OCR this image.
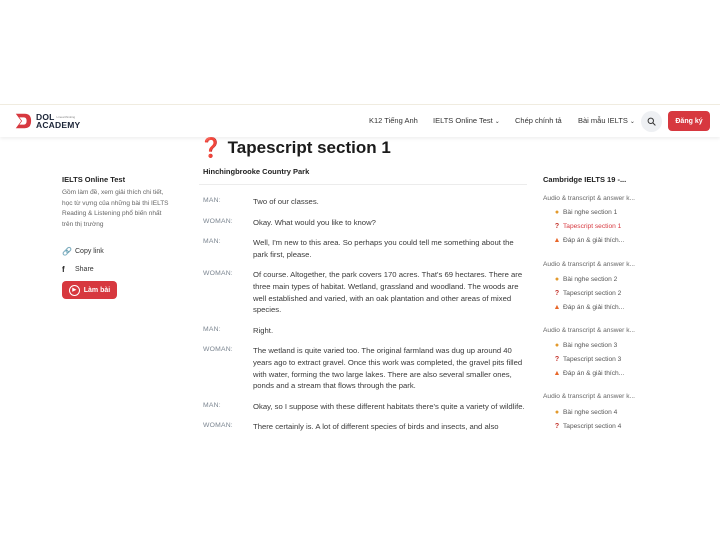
DOL $^{Linearthinking}$
ACADEMY	K12 Tiếng Anh IELTS Online Test ⌄ Chép chính tả Bài mẫu IELTS ⌄	Đăng ký
❓ Tapescript section 1
Hinchingbrooke Country Park
MAN:	Two of our classes.
WOMAN:	Okay. What would you like to know?
MAN:	Well, I'm new to this area. So perhaps you could tell me something about the park first, please.
WOMAN:	Of course. Altogether, the park covers 170 acres. That's 69 hectares. There are three main types of habitat. Wetland, grassland and woodland. The woods are well established and varied, with an oak plantation and other areas of mixed species.
MAN:	Right.
WOMAN:	The wetland is quite varied too. The original farmland was dug up around 40 years ago to extract gravel. Once this work was completed, the gravel pits filled with water, forming the two large lakes. There are also several smaller ones, ponds and a stream that flows through the park.
MAN:	Okay, so I suppose with these different habitats there's quite a variety of wildlife.
WOMAN:	There certainly is. A lot of different species of birds and insects, and also
IELTS Online Test
Gồm làm đề, xem giải thích chi tiết, học từ vựng của những bài thi IELTS Reading & Listening phổ biến nhất trên thị trường
🔗 Copy link
f	Share
▶	Làm bài
Cambridge IELTS 19 -...
Audio & transcript & answer k...
● Bài nghe section 1
? Tapescript section 1
▲ Đáp án & giải thích...
Audio & transcript & answer k...
● Bài nghe section 2
? Tapescript section 2
▲ Đáp án & giải thích...
Audio & transcript & answer k...
● Bài nghe section 3
? Tapescript section 3
▲ Đáp án & giải thích...
Audio & transcript & answer k...
● Bài nghe section 4
? Tapescript section 4
